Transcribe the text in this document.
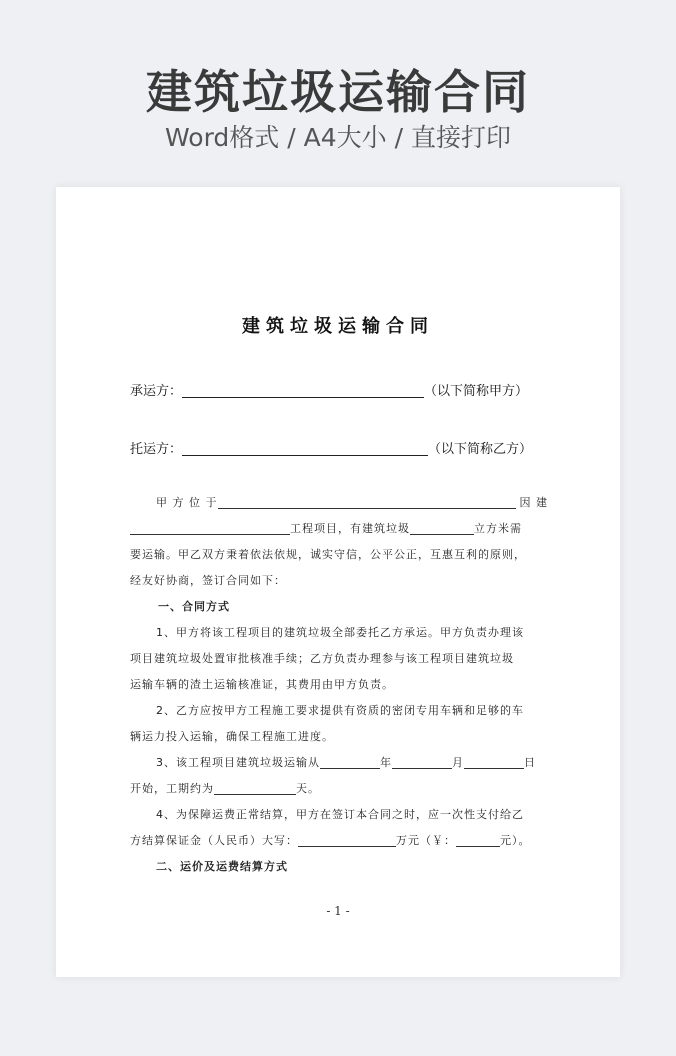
建筑垃圾运输合同
Word格式 / A4大小 / 直接打印
建筑垃圾运输合同
承运方：	（以下简称甲方）
托运方：	（以下简称乙方）
甲 方 位 于	因 建
工程项目，有建筑垃圾	立方米需
要运输。甲乙双方秉着依法依规，诚实守信，公平公正，互惠互利的原则，
经友好协商，签订合同如下：
一、合同方式
1、甲方将该工程项目的建筑垃圾全部委托乙方承运。甲方负责办理该
项目建筑垃圾处置审批核准手续；乙方负责办理参与该工程项目建筑垃圾
运输车辆的渣土运输核准证，其费用由甲方负责。
2、乙方应按甲方工程施工要求提供有资质的密闭专用车辆和足够的车
辆运力投入运输，确保工程施工进度。
3、该工程项目建筑垃圾运输从	年	月	日
开始，工期约为	天。
4、为保障运费正常结算，甲方在签订本合同之时，应一次性支付给乙
方结算保证金（人民币）大写：	万元（￥：	元）。
二、运价及运费结算方式
- 1 -
